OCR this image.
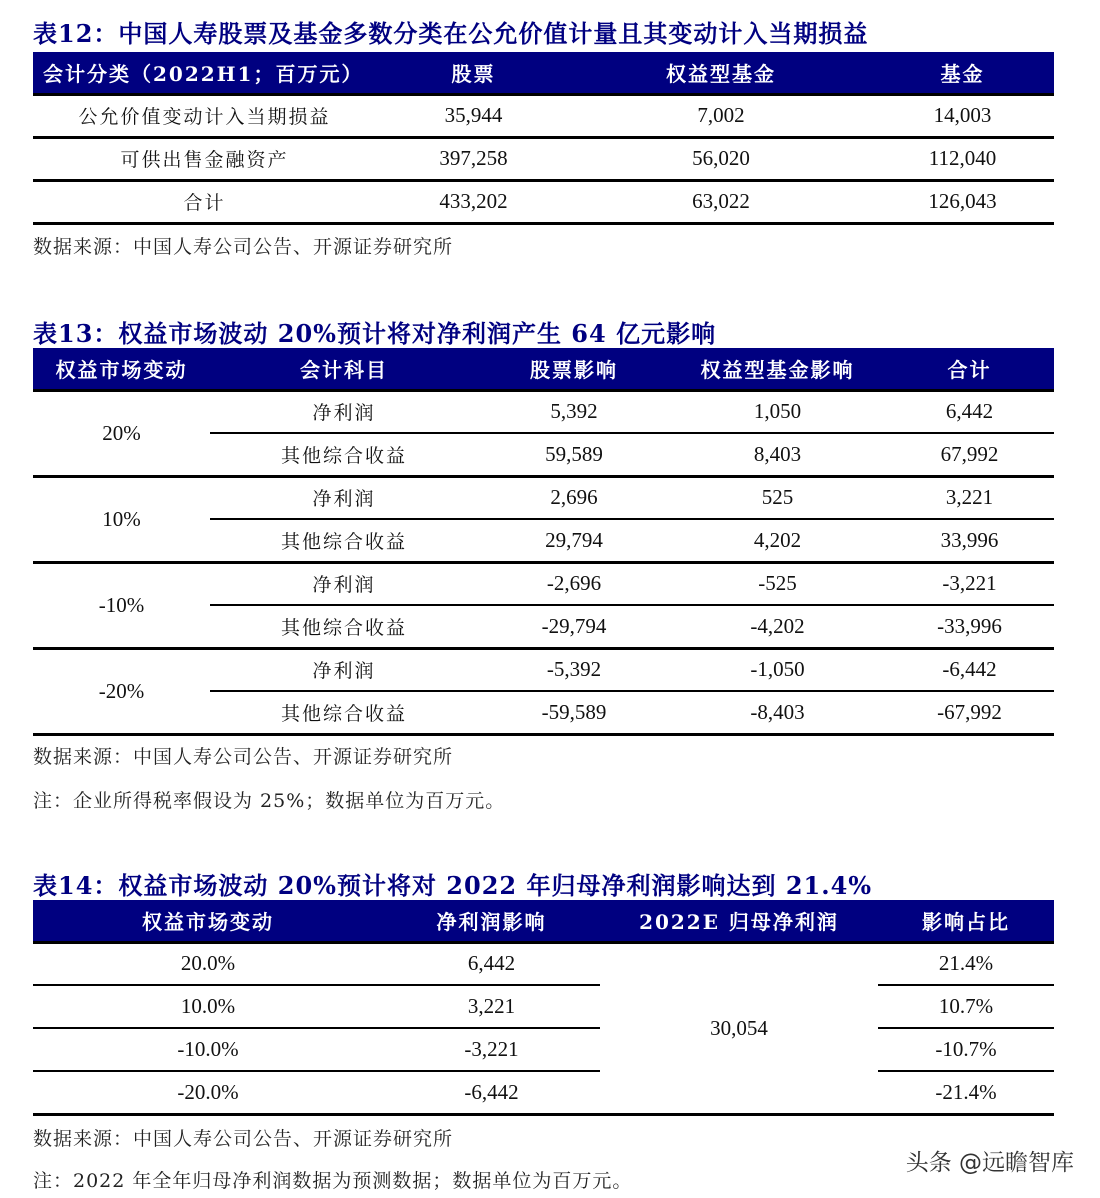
表12：中国人寿股票及基金多数分类在公允价值计量且其变动计入当期损益
会计分类（2022H1；百万元）	股票	权益型基金	基金
公允价值变动计入当期损益	35,944	7,002	14,003
可供出售金融资产	397,258	56,020	112,040
合计	433,202	63,022	126,043
数据来源：中国人寿公司公告、开源证券研究所
表13：权益市场波动 20%预计将对净利润产生 64 亿元影响
权益市场变动	会计科目	股票影响	权益型基金影响	合计
20%	净利润	5,392	1,050	6,442
	其他综合收益	59,589	8,403	67,992
10%	净利润	2,696	525	3,221
	其他综合收益	29,794	4,202	33,996
-10%	净利润	-2,696	-525	-3,221
	其他综合收益	-29,794	-4,202	-33,996
-20%	净利润	-5,392	-1,050	-6,442
	其他综合收益	-59,589	-8,403	-67,992
数据来源：中国人寿公司公告、开源证券研究所
注：企业所得税率假设为 25%；数据单位为百万元。
表14：权益市场波动 20%预计将对 2022 年归母净利润影响达到 21.4%
权益市场变动	净利润影响	2022E 归母净利润	影响占比
20.0%	6,442	30,054	21.4%
10.0%	3,221		10.7%
-10.0%	-3,221		-10.7%
-20.0%	-6,442		-21.4%
数据来源：中国人寿公司公告、开源证券研究所
注：2022 年全年归母净利润数据为预测数据；数据单位为百万元。
头条 @远瞻智库
